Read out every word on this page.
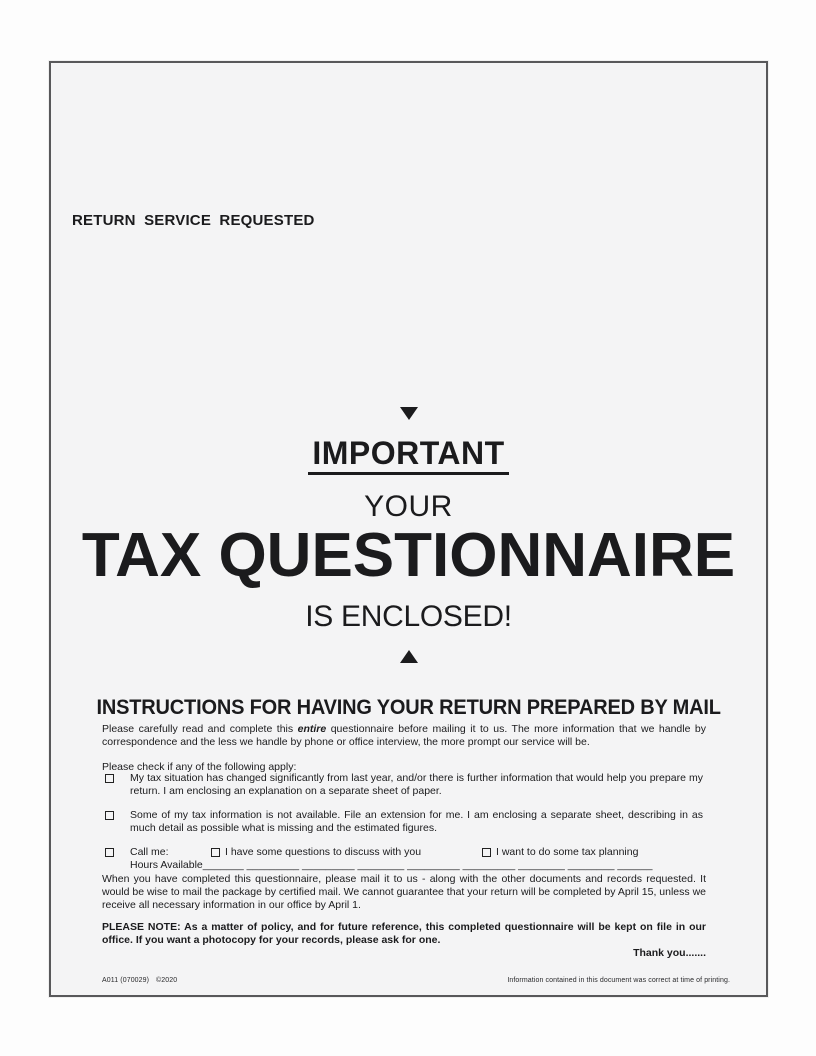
RETURN SERVICE REQUESTED
IMPORTANT
YOUR
TAX QUESTIONNAIRE
IS ENCLOSED!
INSTRUCTIONS FOR HAVING YOUR RETURN PREPARED BY MAIL
Please carefully read and complete this entire questionnaire before mailing it to us. The more information that we handle by correspondence and the less we handle by phone or office interview, the more prompt our service will be.
Please check if any of the following apply:
My tax situation has changed significantly from last year, and/or there is further information that would help you prepare my return. I am enclosing an explanation on a separate sheet of paper.
Some of my tax information is not available. File an extension for me. I am enclosing a separate sheet, describing in as much detail as possible what is missing and the estimated figures.
Call me:	I have some questions to discuss with you	I want to do some tax planning
Hours Available_______ _________ _________ ________ _________ _________ ________ ________ ______
When you have completed this questionnaire, please mail it to us - along with the other documents and records requested. It would be wise to mail the package by certified mail. We cannot guarantee that your return will be completed by April 15, unless we receive all necessary information in our office by April 1.
PLEASE NOTE: As a matter of policy, and for future reference, this completed questionnaire will be kept on file in our office. If you want a photocopy for your records, please ask for one.
Thank you.......
A011 (070029) ©2020	Information contained in this document was correct at time of printing.
